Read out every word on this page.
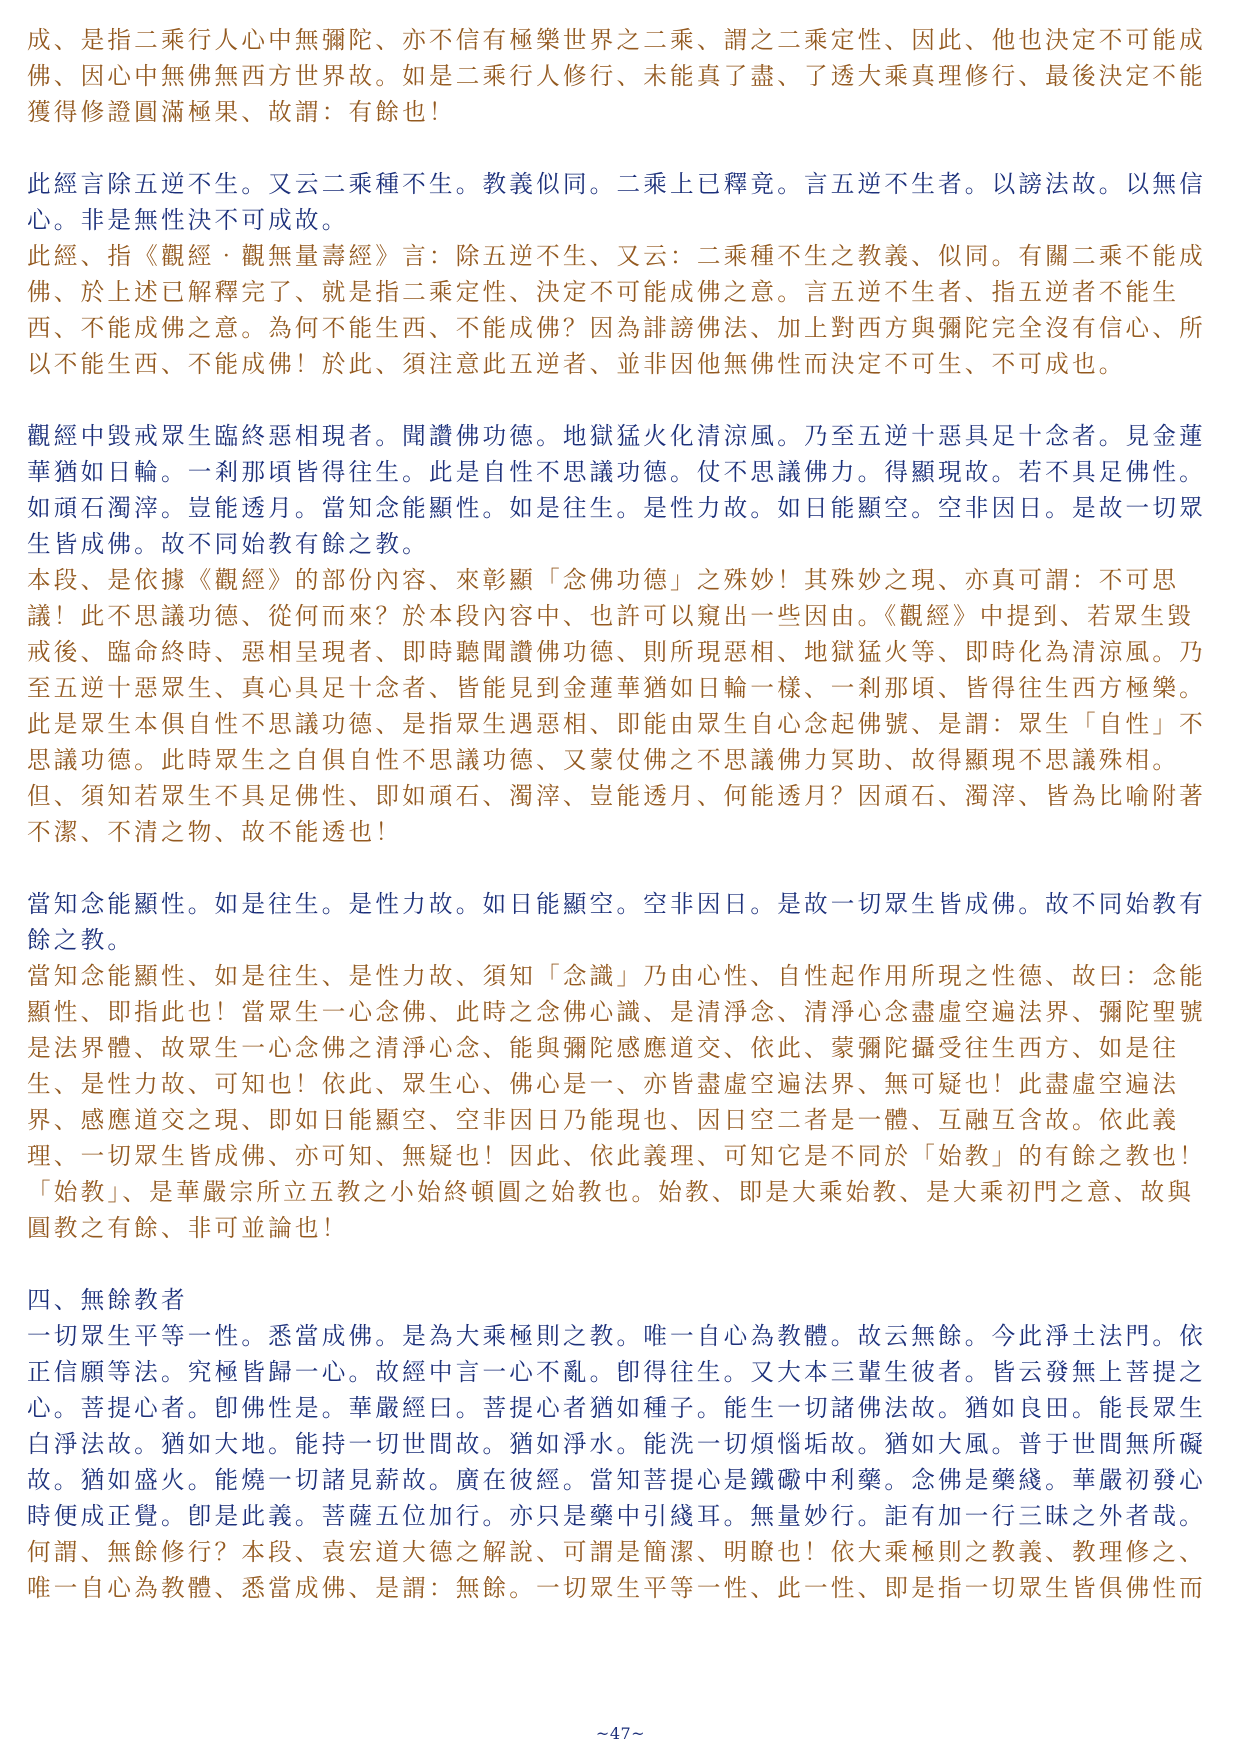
成、是指二乘行人心中無彌陀、亦不信有極樂世界之二乘、謂之二乘定性、因此、他也決定不可能成佛、因心中無佛無西方世界故。如是二乘行人修行、未能真了盡、了透大乘真理修行、最後決定不能獲得修證圓滿極果、故謂：有餘也！

此經言除五逆不生。又云二乘種不生。教義似同。二乘上已釋竟。言五逆不生者。以謗法故。以無信心。非是無性決不可成故。

此經、指《觀經‧觀無量壽經》言：除五逆不生、又云：二乘種不生之教義、似同。有關二乘不能成佛、於上述已解釋完了、就是指二乘定性、決定不可能成佛之意。言五逆不生者、指五逆者不能生西、不能成佛之意。為何不能生西、不能成佛？因為誹謗佛法、加上對西方與彌陀完全沒有信心、所以不能生西、不能成佛！於此、須注意此五逆者、並非因他無佛性而決定不可生、不可成也。

觀經中毀戒眾生臨終惡相現者。聞讚佛功德。地獄猛火化清涼風。乃至五逆十惡具足十念者。見金蓮華猶如日輪。一剎那頃皆得往生。此是自性不思議功德。仗不思議佛力。得顯現故。若不具足佛性。如頑石濁滓。豈能透月。當知念能顯性。如是往生。是性力故。如日能顯空。空非因日。是故一切眾生皆成佛。故不同始教有餘之教。

本段、是依據《觀經》的部份內容、來彰顯「念佛功德」之殊妙！其殊妙之現、亦真可謂：不可思議！此不思議功德、從何而來？於本段內容中、也許可以窺出一些因由。《觀經》中提到、若眾生毀戒後、臨命終時、惡相呈現者、即時聽聞讚佛功德、則所現惡相、地獄猛火等、即時化為清涼風。乃至五逆十惡眾生、真心具足十念者、皆能見到金蓮華猶如日輪一樣、一剎那頃、皆得往生西方極樂。此是眾生本俱自性不思議功德、是指眾生遇惡相、即能由眾生自心念起佛號、是謂：眾生「自性」不思議功德。此時眾生之自俱自性不思議功德、又蒙仗佛之不思議佛力冥助、故得顯現不思議殊相。但、須知若眾生不具足佛性、即如頑石、濁滓、豈能透月、何能透月？因頑石、濁滓、皆為比喻附著不潔、不清之物、故不能透也！

當知念能顯性。如是往生。是性力故。如日能顯空。空非因日。是故一切眾生皆成佛。故不同始教有餘之教。

當知念能顯性、如是往生、是性力故、須知「念識」乃由心性、自性起作用所現之性德、故曰：念能顯性、即指此也！當眾生一心念佛、此時之念佛心識、是清淨念、清淨心念盡虛空遍法界、彌陀聖號是法界體、故眾生一心念佛之清淨心念、能與彌陀感應道交、依此、蒙彌陀攝受往生西方、如是往生、是性力故、可知也！依此、眾生心、佛心是一、亦皆盡虛空遍法界、無可疑也！此盡虛空遍法界、感應道交之現、即如日能顯空、空非因日乃能現也、因日空二者是一體、互融互含故。依此義理、一切眾生皆成佛、亦可知、無疑也！因此、依此義理、可知它是不同於「始教」的有餘之教也！「始教」、是華嚴宗所立五教之小始終頓圓之始教也。始教、即是大乘始教、是大乘初門之意、故與圓教之有餘、非可並論也！

四、無餘教者

一切眾生平等一性。悉當成佛。是為大乘極則之教。唯一自心為教體。故云無餘。今此淨土法門。依正信願等法。究極皆歸一心。故經中言一心不亂。卽得往生。又大本三輩生彼者。皆云發無上菩提之心。菩提心者。卽佛性是。華嚴經曰。菩提心者猶如種子。能生一切諸佛法故。猶如良田。能長眾生白淨法故。猶如大地。能持一切世間故。猶如淨水。能洗一切煩惱垢故。猶如大風。普于世間無所礙故。猶如盛火。能燒一切諸見薪故。廣在彼經。當知菩提心是鐵礮中利藥。念佛是藥綫。華嚴初發心時便成正覺。卽是此義。菩薩五位加行。亦只是藥中引綫耳。無量妙行。詎有加一行三昧之外者哉。

何謂、無餘修行？本段、袁宏道大德之解說、可謂是簡潔、明瞭也！依大乘極則之教義、教理修之、唯一自心為教體、悉當成佛、是謂：無餘。一切眾生平等一性、此一性、即是指一切眾生皆俱佛性而

~47~
